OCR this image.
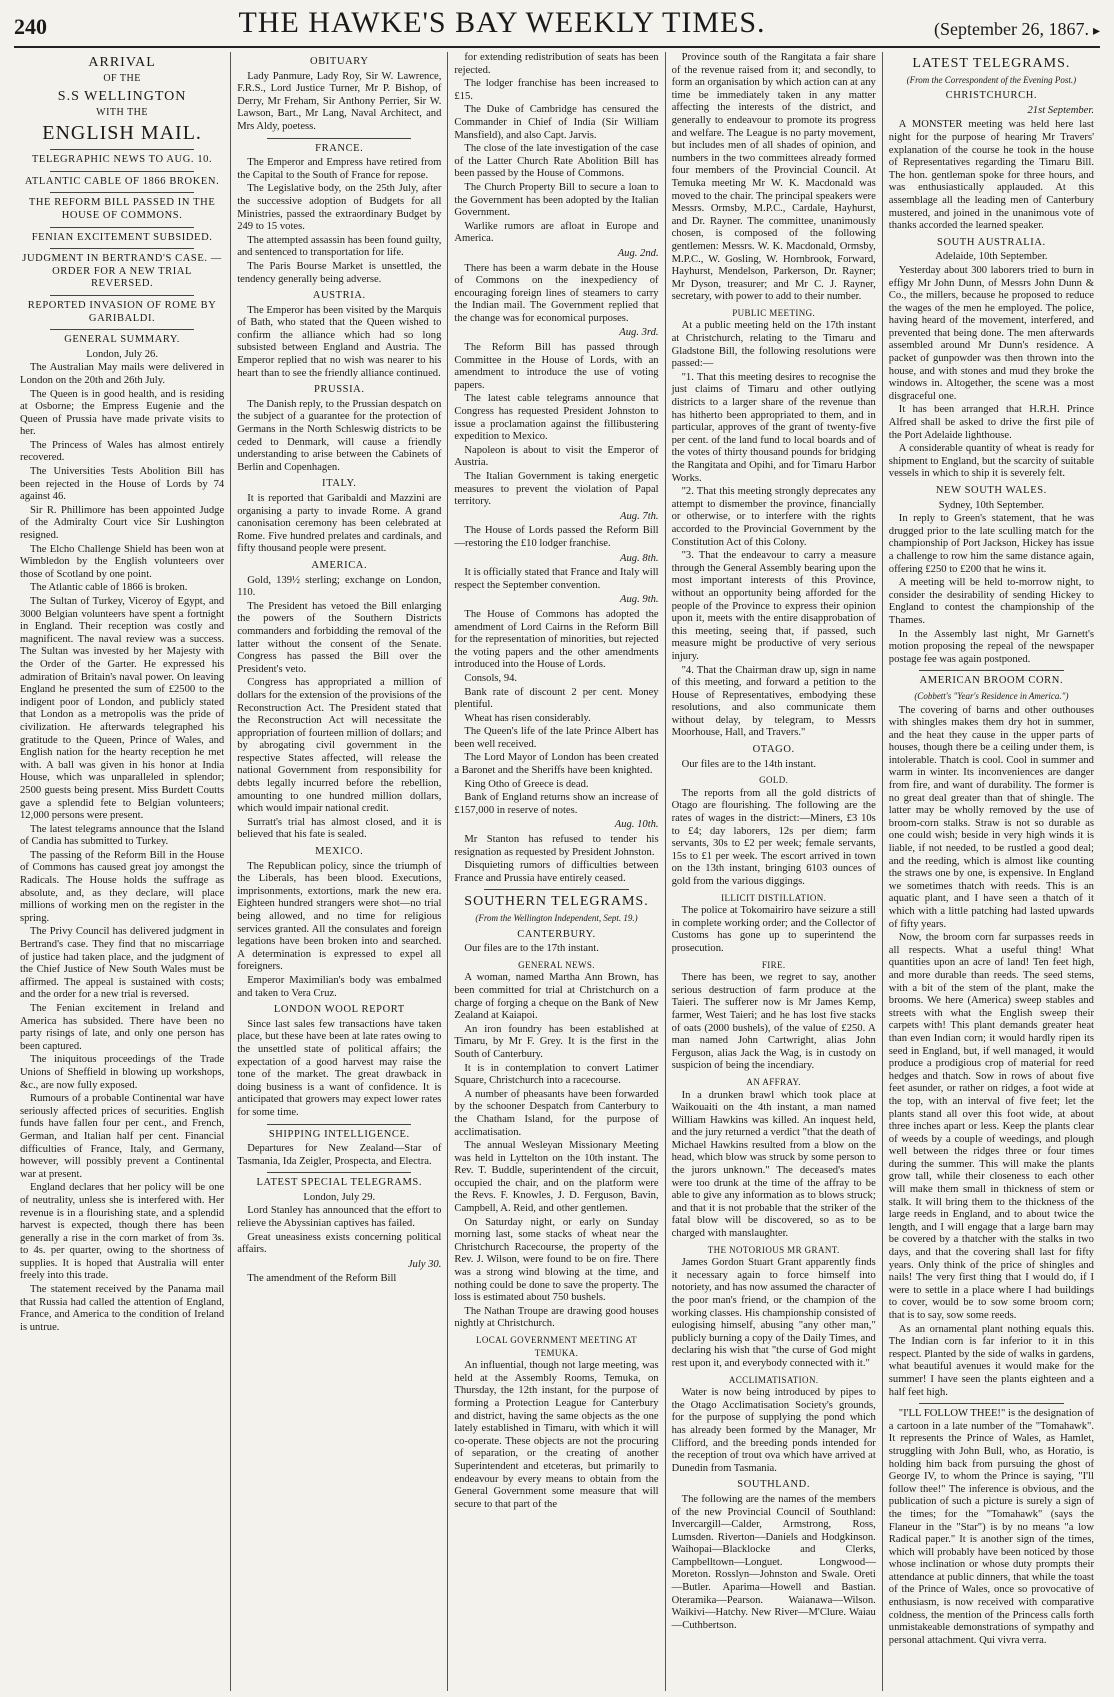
240	THE HAWKE'S BAY WEEKLY TIMES.	(September 26, 1867. ▸
ARRIVAL
OF THE
S.S WELLINGTON
WITH THE
ENGLISH MAIL.
TELEGRAPHIC NEWS TO AUG. 10.
ATLANTIC CABLE OF 1866 BROKEN.
THE REFORM BILL PASSED IN THE HOUSE OF COMMONS.
FENIAN EXCITEMENT SUBSIDED.
JUDGMENT IN BERTRAND'S CASE. —ORDER FOR A NEW TRIAL REVERSED.
REPORTED INVASION OF ROME BY GARIBALDI.
GENERAL SUMMARY.

London, July 26.

The Australian May mails were delivered in London on the 20th and 26th July.

The Queen is in good health, and is residing at Osborne; the Empress Eugenie and the Queen of Prussia have made private visits to her.

The Princess of Wales has almost entirely recovered.

The Universities Tests Abolition Bill has been rejected in the House of Lords by 74 against 46.

Sir R. Phillimore has been appointed Judge of the Admiralty Court vice Sir Lushington resigned.

The Elcho Challenge Shield has been won at Wimbledon by the English volunteers over those of Scotland by one point.

The Atlantic cable of 1866 is broken.

The Sultan of Turkey, Viceroy of Egypt, and 3000 Belgian volunteers have spent a fortnight in England. Their reception was costly and magnificent. The naval review was a success. The Sultan was invested by her Majesty with the Order of the Garter. He expressed his admiration of Britain's naval power. On leaving England he presented the sum of £2500 to the indigent poor of London, and publicly stated that London as a metropolis was the pride of civilization. He afterwards telegraphed his gratitude to the Queen, Prince of Wales, and English nation for the hearty reception he met with. A ball was given in his honor at India House, which was unparalleled in splendor; 2500 guests being present. Miss Burdett Coutts gave a splendid fete to Belgian volunteers; 12,000 persons were present.

The latest telegrams announce that the Island of Candia has submitted to Turkey.

The passing of the Reform Bill in the House of Commons has caused great joy amongst the Radicals. The House holds the suffrage as absolute, and, as they declare, will place millions of working men on the register in the spring.

The Privy Council has delivered judgment in Bertrand's case. They find that no miscarriage of justice had taken place, and the judgment of the Chief Justice of New South Wales must be affirmed. The appeal is sustained with costs; and the order for a new trial is reversed.

The Fenian excitement in Ireland and America has subsided. There have been no party risings of late, and only one person has been captured.

The iniquitous proceedings of the Trade Unions of Sheffield in blowing up workshops, &c., are now fully exposed.

Rumours of a probable Continental war have seriously affected prices of securities. English funds have fallen four per cent., and French, German, and Italian half per cent. Financial difficulties of France, Italy, and Germany, however, will possibly prevent a Continental war at present.

England declares that her policy will be one of neutrality, unless she is interfered with. Her revenue is in a flourishing state, and a splendid harvest is expected, though there has been generally a rise in the corn market of from 3s. to 4s. per quarter, owing to the shortness of supplies. It is hoped that Australia will enter freely into this trade.

The statement received by the Panama mail that Russia had called the attention of England, France, and America to the condition of Ireland is untrue.

OBITUARY

Lady Panmure, Lady Roy, Sir W. Lawrence, F.R.S., Lord Justice Turner, Mr P. Bishop, of Derry, Mr Freham, Sir Anthony Perrier, Sir W. Lawson, Bart., Mr Lang, Naval Architect, and Mrs Aldy, poetess.

FRANCE.

The Emperor and Empress have retired from the Capital to the South of France for repose.

The Legislative body, on the 25th July, after the successive adoption of Budgets for all Ministries, passed the extraordinary Budget by 249 to 15 votes.

The attempted assassin has been found guilty, and sentenced to transportation for life.

The Paris Bourse Market is unsettled, the tendency generally being adverse.

AUSTRIA.

The Emperor has been visited by the Marquis of Bath, who stated that the Queen wished to confirm the alliance which had so long subsisted between England and Austria. The Emperor replied that no wish was nearer to his heart than to see the friendly alliance continued.

PRUSSIA.

The Danish reply, to the Prussian despatch on the subject of a guarantee for the protection of Germans in the North Schleswig districts to be ceded to Denmark, will cause a friendly understanding to arise between the Cabinets of Berlin and Copenhagen.

ITALY.

It is reported that Garibaldi and Mazzini are organising a party to invade Rome. A grand canonisation ceremony has been celebrated at Rome. Five hundred prelates and cardinals, and fifty thousand people were present.

AMERICA.

Gold, 139½ sterling; exchange on London, 110.

The President has vetoed the Bill enlarging the powers of the Southern Districts commanders and forbidding the removal of the latter without the consent of the Senate. Congress has passed the Bill over the President's veto.

Congress has appropriated a million of dollars for the extension of the provisions of the Reconstruction Act. The President stated that the Reconstruction Act will necessitate the appropriation of fourteen million of dollars; and by abrogating civil government in the respective States affected, will release the national Government from responsibility for debts legally incurred before the rebellion, amounting to one hundred million dollars, which would impair national credit.

Surratt's trial has almost closed, and it is believed that his fate is sealed.

MEXICO.

The Republican policy, since the triumph of the Liberals, has been blood. Executions, imprisonments, extortions, mark the new era. Eighteen hundred strangers were shot—no trial being allowed, and no time for religious services granted. All the consulates and foreign legations have been broken into and searched. A determination is expressed to expel all foreigners.

Emperor Maximilian's body was embalmed and taken to Vera Cruz.

LONDON WOOL REPORT

Since last sales few transactions have taken place, but these have been at late rates owing to the unsettled state of political affairs; the expectation of a good harvest may raise the tone of the market. The great drawback in doing business is a want of confidence. It is anticipated that growers may expect lower rates for some time.

SHIPPING INTELLIGENCE.

Departures for New Zealand—Star of Tasmania, Ida Zeigler, Prospecta, and Electra.

LATEST SPECIAL TELEGRAMS.

London, July 29.

Lord Stanley has announced that the effort to relieve the Abyssinian captives has failed.

Great uneasiness exists concerning political affairs.

July 30.

The amendment of the Reform Bill

for extending redistribution of seats has been rejected.

The lodger franchise has been increased to £15.

The Duke of Cambridge has censured the Commander in Chief of India (Sir William Mansfield), and also Capt. Jarvis.

The close of the late investigation of the case of the Latter Church Rate Abolition Bill has been passed by the House of Commons.

The Church Property Bill to secure a loan to the Government has been adopted by the Italian Government.

Warlike rumors are afloat in Europe and America.

Aug. 2nd.

There has been a warm debate in the House of Commons on the inexpediency of encouraging foreign lines of steamers to carry the Indian mail. The Government replied that the change was for economical purposes.

Aug. 3rd.

The Reform Bill has passed through Committee in the House of Lords, with an amendment to introduce the use of voting papers.

The latest cable telegrams announce that Congress has requested President Johnston to issue a proclamation against the fillibustering expedition to Mexico.

Napoleon is about to visit the Emperor of Austria.

The Italian Government is taking energetic measures to prevent the violation of Papal territory.

Aug. 7th.

The House of Lords passed the Reform Bill—restoring the £10 lodger franchise.

Aug. 8th.

It is officially stated that France and Italy will respect the September convention.

Aug. 9th.

The House of Commons has adopted the amendment of Lord Cairns in the Reform Bill for the representation of minorities, but rejected the voting papers and the other amendments introduced into the House of Lords.

Consols, 94.

Bank rate of discount 2 per cent. Money plentiful.

Wheat has risen considerably.

The Queen's life of the late Prince Albert has been well received.

The Lord Mayor of London has been created a Baronet and the Sheriffs have been knighted.

King Otho of Greece is dead.

Bank of England returns show an increase of £157,000 in reserve of notes.

Aug. 10th.

Mr Stanton has refused to tender his resignation as requested by President Johnston.

Disquieting rumors of difficulties between France and Prussia have entirely ceased.

SOUTHERN TELEGRAMS.

(From the Wellington Independent, Sept. 19.)

CANTERBURY.

Our files are to the 17th instant.

GENERAL NEWS.

A woman, named Martha Ann Brown, has been committed for trial at Christchurch on a charge of forging a cheque on the Bank of New Zealand at Kaiapoi.

An iron foundry has been established at Timaru, by Mr F. Grey. It is the first in the South of Canterbury.

It is in contemplation to convert Latimer Square, Christchurch into a racecourse.

A number of pheasants have been forwarded by the schooner Despatch from Canterbury to the Chatham Island, for the purpose of acclimatisation.

The annual Wesleyan Missionary Meeting was held in Lyttelton on the 10th instant. The Rev. T. Buddle, superintendent of the circuit, occupied the chair, and on the platform were the Revs. F. Knowles, J. D. Ferguson, Bavin, Campbell, A. Reid, and other gentlemen.

On Saturday night, or early on Sunday morning last, some stacks of wheat near the Christchurch Racecourse, the property of the Rev. J. Wilson, were found to be on fire. There was a strong wind blowing at the time, and nothing could be done to save the property. The loss is estimated about 750 bushels.

The Nathan Troupe are drawing good houses nightly at Christchurch.

LOCAL GOVERNMENT MEETING AT TEMUKA.

An influential, though not large meeting, was held at the Assembly Rooms, Temuka, on Thursday, the 12th instant, for the purpose of forming a Protection League for Canterbury and district, having the same objects as the one lately established in Timaru, with which it will co-operate. These objects are not the procuring of separation, or the creating of another Superintendent and etceteras, but primarily to endeavour by every means to obtain from the General Government some measure that will secure to that part of the

Province south of the Rangitata a fair share of the revenue raised from it; and secondly, to form an organisation by which action can at any time be immediately taken in any matter affecting the interests of the district, and generally to endeavour to promote its progress and welfare. The League is no party movement, but includes men of all shades of opinion, and numbers in the two committees already formed four members of the Provincial Council. At Temuka meeting Mr W. K. Macdonald was moved to the chair. The principal speakers were Messrs. Ormsby, M.P.C., Cardale, Hayhurst, and Dr. Rayner. The committee, unanimously chosen, is composed of the following gentlemen: Messrs. W. K. Macdonald, Ormsby, M.P.C., W. Gosling, W. Hornbrook, Forward, Hayhurst, Mendelson, Parkerson, Dr. Rayner; Mr Dyson, treasurer; and Mr C. J. Rayner, secretary, with power to add to their number.

PUBLIC MEETING.

At a public meeting held on the 17th instant at Christchurch, relating to the Timaru and Gladstone Bill, the following resolutions were passed:—

"1. That this meeting desires to recognise the just claims of Timaru and other outlying districts to a larger share of the revenue than has hitherto been appropriated to them, and in particular, approves of the grant of twenty-five per cent. of the land fund to local boards and of the votes of thirty thousand pounds for bridging the Rangitata and Opihi, and for Timaru Harbor Works.

"2. That this meeting strongly deprecates any attempt to dismember the province, financially or otherwise, or to interfere with the rights accorded to the Provincial Government by the Constitution Act of this Colony.

"3. That the endeavour to carry a measure through the General Assembly bearing upon the most important interests of this Province, without an opportunity being afforded for the people of the Province to express their opinion upon it, meets with the entire disapprobation of this meeting, seeing that, if passed, such measure might be productive of very serious injury.

"4. That the Chairman draw up, sign in name of this meeting, and forward a petition to the House of Representatives, embodying these resolutions, and also communicate them without delay, by telegram, to Messrs Moorhouse, Hall, and Travers."

OTAGO.

Our files are to the 14th instant.

GOLD.

The reports from all the gold districts of Otago are flourishing. The following are the rates of wages in the district:—Miners, £3 10s to £4; day laborers, 12s per diem; farm servants, 30s to £2 per week; female servants, 15s to £1 per week. The escort arrived in town on the 13th instant, bringing 6103 ounces of gold from the various diggings.

ILLICIT DISTILLATION.

The police at Tokomairiro have seizure a still in complete working order; and the Collector of Customs has gone up to superintend the prosecution.

FIRE.

There has been, we regret to say, another serious destruction of farm produce at the Taieri. The sufferer now is Mr James Kemp, farmer, West Taieri; and he has lost five stacks of oats (2000 bushels), of the value of £250. A man named John Cartwright, alias John Ferguson, alias Jack the Wag, is in custody on suspicion of being the incendiary.

AN AFFRAY.

In a drunken brawl which took place at Waikouaiti on the 4th instant, a man named William Hawkins was killed. An inquest held, and the jury returned a verdict "that the death of Michael Hawkins resulted from a blow on the head, which blow was struck by some person to the jurors unknown." The deceased's mates were too drunk at the time of the affray to be able to give any information as to blows struck; and that it is not probable that the striker of the fatal blow will be discovered, so as to be charged with manslaughter.

THE NOTORIOUS MR GRANT.

James Gordon Stuart Grant apparently finds it necessary again to force himself into notoriety, and has now assumed the character of the poor man's friend, or the champion of the working classes. His championship consisted of eulogising himself, abusing "any other man," publicly burning a copy of the Daily Times, and declaring his wish that "the curse of God might rest upon it, and everybody connected with it."

ACCLIMATISATION.

Water is now being introduced by pipes to the Otago Acclimatisation Society's grounds, for the purpose of supplying the pond which has already been formed by the Manager, Mr Clifford, and the breeding ponds intended for the reception of trout ova which have arrived at Dunedin from Tasmania.

SOUTHLAND.

The following are the names of the members of the new Provincial Council of Southland: Invercargill—Calder, Armstrong, Ross, Lumsden. Riverton—Daniels and Hodgkinson. Waihopai—Blacklocke and Clerks, Campbelltown—Longuet. Longwood—Moreton. Rosslyn—Johnston and Swale. Oreti—Butler. Aparima—Howell and Bastian. Oteramika—Pearson. Waianawa—Wilson. Waikivi—Hatchy. New River—M'Clure. Waiau—Cuthbertson.

LATEST TELEGRAMS.

(From the Correspondent of the Evening Post.)

CHRISTCHURCH.

21st September.

A MONSTER meeting was held here last night for the purpose of hearing Mr Travers' explanation of the course he took in the house of Representatives regarding the Timaru Bill. The hon. gentleman spoke for three hours, and was enthusiastically applauded. At this assemblage all the leading men of Canterbury mustered, and joined in the unanimous vote of thanks accorded the learned speaker.

SOUTH AUSTRALIA.

Adelaide, 10th September.

Yesterday about 300 laborers tried to burn in effigy Mr John Dunn, of Messrs John Dunn & Co., the millers, because he proposed to reduce the wages of the men he employed. The police, having heard of the movement, interfered, and prevented that being done. The men afterwards assembled around Mr Dunn's residence. A packet of gunpowder was then thrown into the house, and with stones and mud they broke the windows in. Altogether, the scene was a most disgraceful one.

It has been arranged that H.R.H. Prince Alfred shall be asked to drive the first pile of the Port Adelaide lighthouse.

A considerable quantity of wheat is ready for shipment to England, but the scarcity of suitable vessels in which to ship it is severely felt.

NEW SOUTH WALES.

Sydney, 10th September.

In reply to Green's statement, that he was drugged prior to the late sculling match for the championship of Port Jackson, Hickey has issue a challenge to row him the same distance again, offering £250 to £200 that he wins it.

A meeting will be held to-morrow night, to consider the desirability of sending Hickey to England to contest the championship of the Thames.

In the Assembly last night, Mr Garnett's motion proposing the repeal of the newspaper postage fee was again postponed.

AMERICAN BROOM CORN.

(Cobbett's "Year's Residence in America.")

The covering of barns and other outhouses with shingles makes them dry hot in summer, and the heat they cause in the upper parts of houses, though there be a ceiling under them, is intolerable. Thatch is cool. Cool in summer and warm in winter. Its inconveniences are danger from fire, and want of durability. The former is no great deal greater than that of shingle. The latter may be wholly removed by the use of broom-corn stalks. Straw is not so durable as one could wish; beside in very high winds it is liable, if not needed, to be rustled a good deal; and the reeding, which is almost like counting the straws one by one, is expensive. In England we sometimes thatch with reeds. This is an aquatic plant, and I have seen a thatch of it which with a little patching had lasted upwards of fifty years.

Now, the broom corn far surpasses reeds in all respects. What a useful thing! What quantities upon an acre of land! Ten feet high, and more durable than reeds. The seed stems, with a bit of the stem of the plant, make the brooms. We here (America) sweep stables and streets with what the English sweep their carpets with! This plant demands greater heat than even Indian corn; it would hardly ripen its seed in England, but, if well managed, it would produce a prodigious crop of material for reed hedges and thatch. Sow in rows of about five feet asunder, or rather on ridges, a foot wide at the top, with an interval of five feet; let the plants stand all over this foot wide, at about three inches apart or less. Keep the plants clear of weeds by a couple of weedings, and plough well between the ridges three or four times during the summer. This will make the plants grow tall, while their closeness to each other will make them small in thickness of stem or stalk. It will bring them to the thickness of the large reeds in England, and to about twice the length, and I will engage that a large barn may be covered by a thatcher with the stalks in two days, and that the covering shall last for fifty years. Only think of the price of shingles and nails! The very first thing that I would do, if I were to settle in a place where I had buildings to cover, would be to sow some broom corn; that is to say, sow some reeds.

As an ornamental plant nothing equals this. The Indian corn is far inferior to it in this respect. Planted by the side of walks in gardens, what beautiful avenues it would make for the summer! I have seen the plants eighteen and a half feet high.

"I'LL FOLLOW THEE!" is the designation of a cartoon in a late number of the "Tomahawk". It represents the Prince of Wales, as Hamlet, struggling with John Bull, who, as Horatio, is holding him back from pursuing the ghost of George IV, to whom the Prince is saying, "I'll follow thee!" The inference is obvious, and the publication of such a picture is surely a sign of the times; for the "Tomahawk" (says the Flaneur in the "Star") is by no means "a low Radical paper." It is another sign of the times, which will probably have been noticed by those whose inclination or whose duty prompts their attendance at public dinners, that while the toast of the Prince of Wales, once so provocative of enthusiasm, is now received with comparative coldness, the mention of the Princess calls forth unmistakeable demonstrations of sympathy and personal attachment. Qui vivra verra.
